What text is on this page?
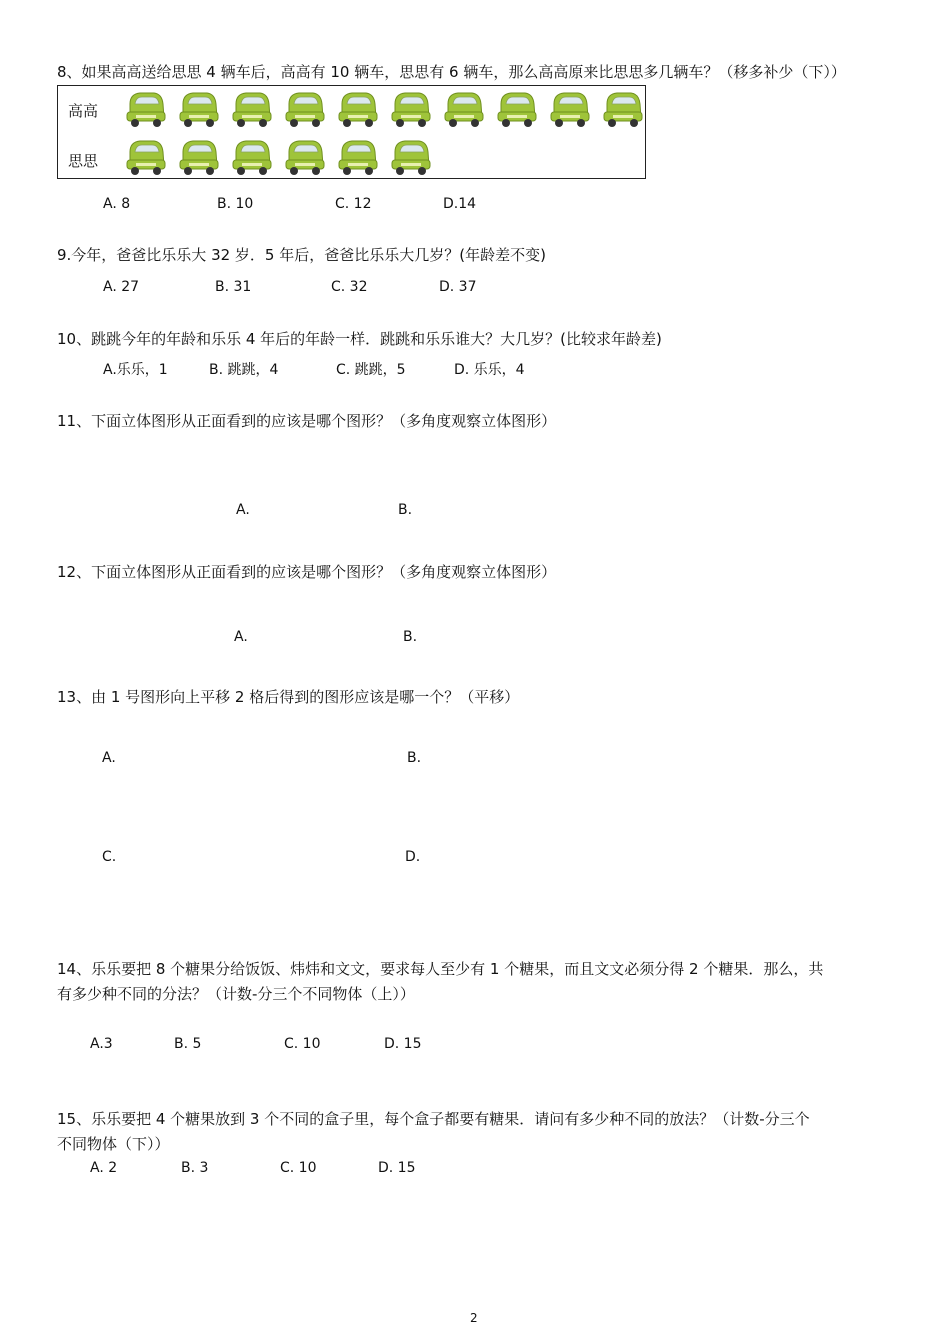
8、如果高高送给思思 4 辆车后，高高有 10 辆车，思思有 6 辆车，那么高高原来比思思多几辆车？（移多补少（下））
高高
思思
A. 8	B. 10	C. 12	D.14
9.今年，爸爸比乐乐大 32 岁．5 年后，爸爸比乐乐大几岁？(年龄差不变)
A. 27	B. 31	C. 32	D. 37
10、跳跳今年的年龄和乐乐 4 年后的年龄一样．跳跳和乐乐谁大？大几岁？(比较求年龄差)
A.乐乐，1	B. 跳跳，4	C. 跳跳，5	D. 乐乐，4
11、下面立体图形从正面看到的应该是哪个图形？（多角度观察立体图形）
A.	B.
12、下面立体图形从正面看到的应该是哪个图形？（多角度观察立体图形）
A.	B.
13、由 1 号图形向上平移 2 格后得到的图形应该是哪一个？（平移）
A.	B.
C.	D.
14、乐乐要把 8 个糖果分给饭饭、炜炜和文文，要求每人至少有 1 个糖果，而且文文必须分得 2 个糖果．那么，共
有多少种不同的分法？（计数-分三个不同物体（上））
A.3	B. 5	C. 10	D. 15
15、乐乐要把 4 个糖果放到 3 个不同的盒子里，每个盒子都要有糖果．请问有多少种不同的放法？（计数-分三个
不同物体（下））
A. 2	B. 3	C. 10	D. 15
2
